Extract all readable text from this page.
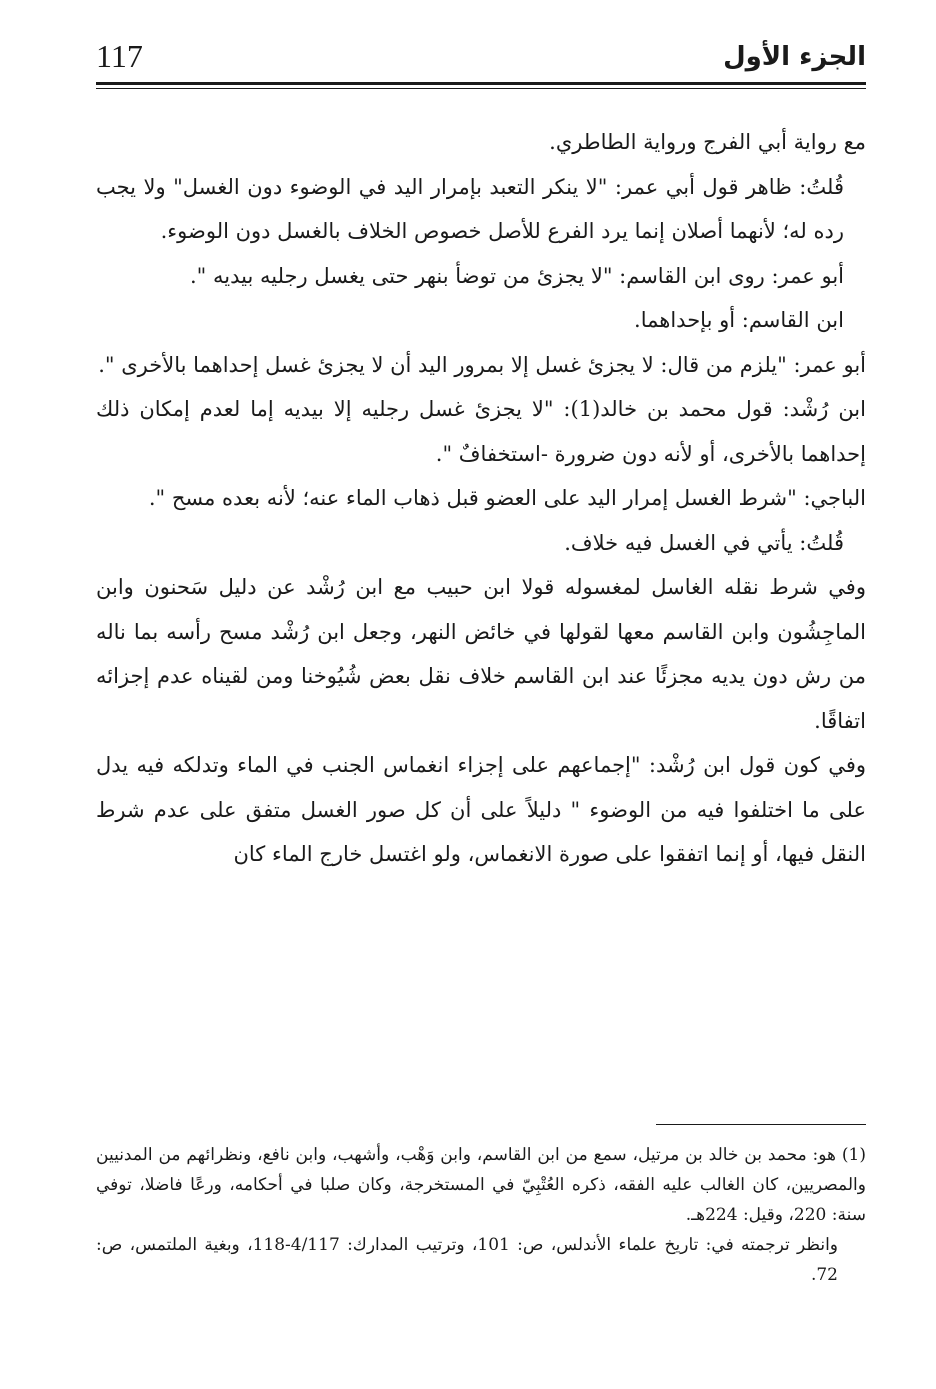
117	الجزء الأول

مع رواية أبي الفرج ورواية الطاطري.

قُلتُ: ظاهر قول أبي عمر: "لا ينكر التعبد بإمرار اليد في الوضوء دون الغسل" ولا يجب رده له؛ لأنهما أصلان إنما يرد الفرع للأصل خصوص الخلاف بالغسل دون الوضوء.

أبو عمر: روى ابن القاسم: "لا يجزئ من توضأ بنهر حتى يغسل رجليه بيديه ".

ابن القاسم: أو بإحداهما.

أبو عمر: "يلزم من قال: لا يجزئ غسل إلا بمرور اليد أن لا يجزئ غسل إحداهما بالأخرى ".

ابن رُشْد: قول محمد بن خالد(1): "لا يجزئ غسل رجليه إلا بيديه إما لعدم إمكان ذلك إحداهما بالأخرى، أو لأنه دون ضرورة -استخفافٌ ".

الباجي: "شرط الغسل إمرار اليد على العضو قبل ذهاب الماء عنه؛ لأنه بعده مسح ".

قُلتُ: يأتي في الغسل فيه خلاف.

وفي شرط نقله الغاسل لمغسوله قولا ابن حبيب مع ابن رُشْد عن دليل سَحنون وابن الماجِشُون وابن القاسم معها لقولها في خائض النهر، وجعل ابن رُشْد مسح رأسه بما ناله من رش دون يديه مجزئًا عند ابن القاسم خلاف نقل بعض شُيُوخنا ومن لقيناه عدم إجزائه اتفاقًا.

وفي كون قول ابن رُشْد: "إجماعهم على إجزاء انغماس الجنب في الماء وتدلكه فيه يدل على ما اختلفوا فيه من الوضوء " دليلاً على أن كل صور الغسل متفق على عدم شرط النقل فيها، أو إنما اتفقوا على صورة الانغماس، ولو اغتسل خارج الماء كان

(1) هو: محمد بن خالد بن مرتيل، سمع من ابن القاسم، وابن وَهْب، وأشهب، وابن نافع، ونظرائهم من المدنيين والمصريين، كان الغالب عليه الفقه، ذكره العُتْبِيّ في المستخرجة، وكان صلبا في أحكامه، ورعًا فاضلا، توفي سنة: 220، وقيل: 224هـ.

وانظر ترجمته في: تاريخ علماء الأندلس، ص: 101، وترتيب المدارك: 4/117-118، وبغية الملتمس، ص: 72.
